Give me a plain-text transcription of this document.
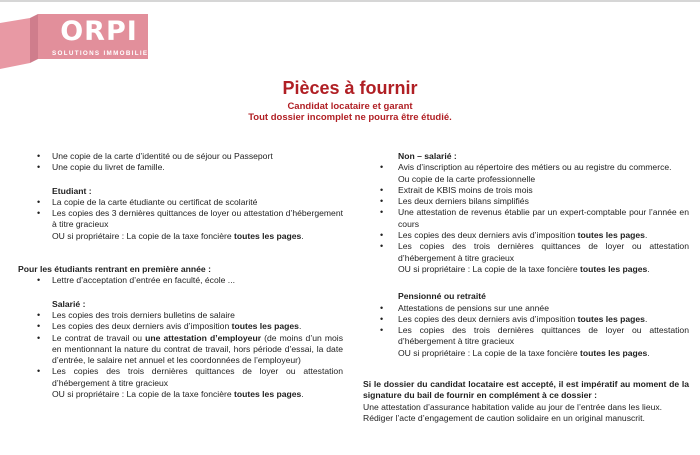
ORPI
SOLUTIONS IMMOBILIERES
Pièces à fournir
Candidat locataire et garant
Tout dossier incomplet ne pourra être étudié.
• Une copie de la carte d’identité ou de séjour ou Passeport
• Une copie du livret de famille.
Etudiant :
• La copie de la carte étudiante ou certificat de scolarité
• Les copies des 3 dernières quittances de loyer ou attestation d’hébergement à titre gracieux
OU si propriétaire : La copie de la taxe foncière toutes les pages.
Pour les étudiants rentrant en première année :
• Lettre d’acceptation d’entrée en faculté, école ...
Salarié :
• Les copies des trois derniers bulletins de salaire
• Les copies des deux derniers avis d’imposition toutes les pages.
• Le contrat de travail ou une attestation d’employeur (de moins d’un mois en mentionnant la nature du contrat de travail, hors période d’essai, la date d’entrée, le salaire net annuel et les coordonnées de l’employeur)
• Les copies des trois dernières quittances de loyer ou attestation d’hébergement à titre gracieux
OU si propriétaire : La copie de la taxe foncière toutes les pages.
Non – salarié :
• Avis d’inscription au répertoire des métiers ou au registre du commerce.
Ou copie de la carte professionnelle
• Extrait de KBIS moins de trois mois
• Les deux derniers bilans simplifiés
• Une attestation de revenus établie par un expert-comptable pour l’année en cours
• Les copies des deux derniers avis d’imposition toutes les pages.
• Les copies des trois dernières quittances de loyer ou attestation d’hébergement à titre gracieux
OU si propriétaire : La copie de la taxe foncière toutes les pages.
Pensionné ou retraité
• Attestations de pensions sur une année
• Les copies des deux derniers avis d’imposition toutes les pages.
• Les copies des trois dernières quittances de loyer ou attestation d’hébergement à titre gracieux
OU si propriétaire : La copie de la taxe foncière toutes les pages.
Si le dossier du candidat locataire est accepté, il est impératif au moment de la signature du bail de fournir en complément à ce dossier :
Une attestation d’assurance habitation valide au jour de l’entrée dans les lieux.
Rédiger l’acte d’engagement de caution solidaire en un original manuscrit.
